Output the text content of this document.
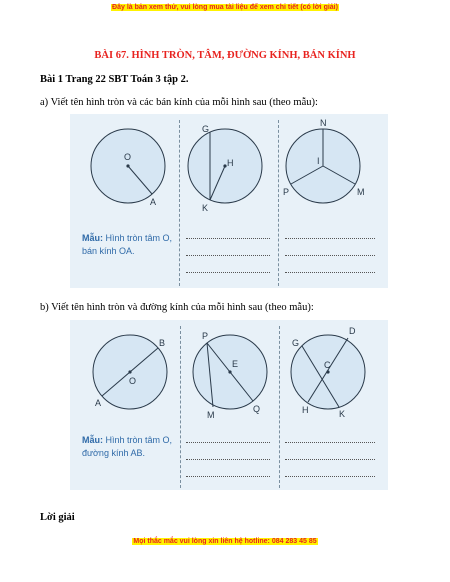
Đây là bản xem thử, vui lòng mua tài liệu để xem chi tiết (có lời giải)
BÀI 67. HÌNH TRÒN, TÂM, ĐƯỜNG KÍNH, BÁN KÍNH
Bài 1 Trang 22 SBT Toán 3 tập 2.
a) Viết tên hình tròn và các bán kính của mỗi hình sau (theo mẫu):
O
A
G
H
K
N
I
P	M
Mẫu: Hình tròn tâm O,
bán kính OA.
b) Viết tên hình tròn và đường kính của mỗi hình sau (theo mẫu):
B
O
A
P
E
M
Q
G
D
C
H	K
Mẫu: Hình tròn tâm O,
đường kính AB.
Lời giải
Mọi thắc mắc vui lòng xin liên hệ hotline: 084 283 45 85
